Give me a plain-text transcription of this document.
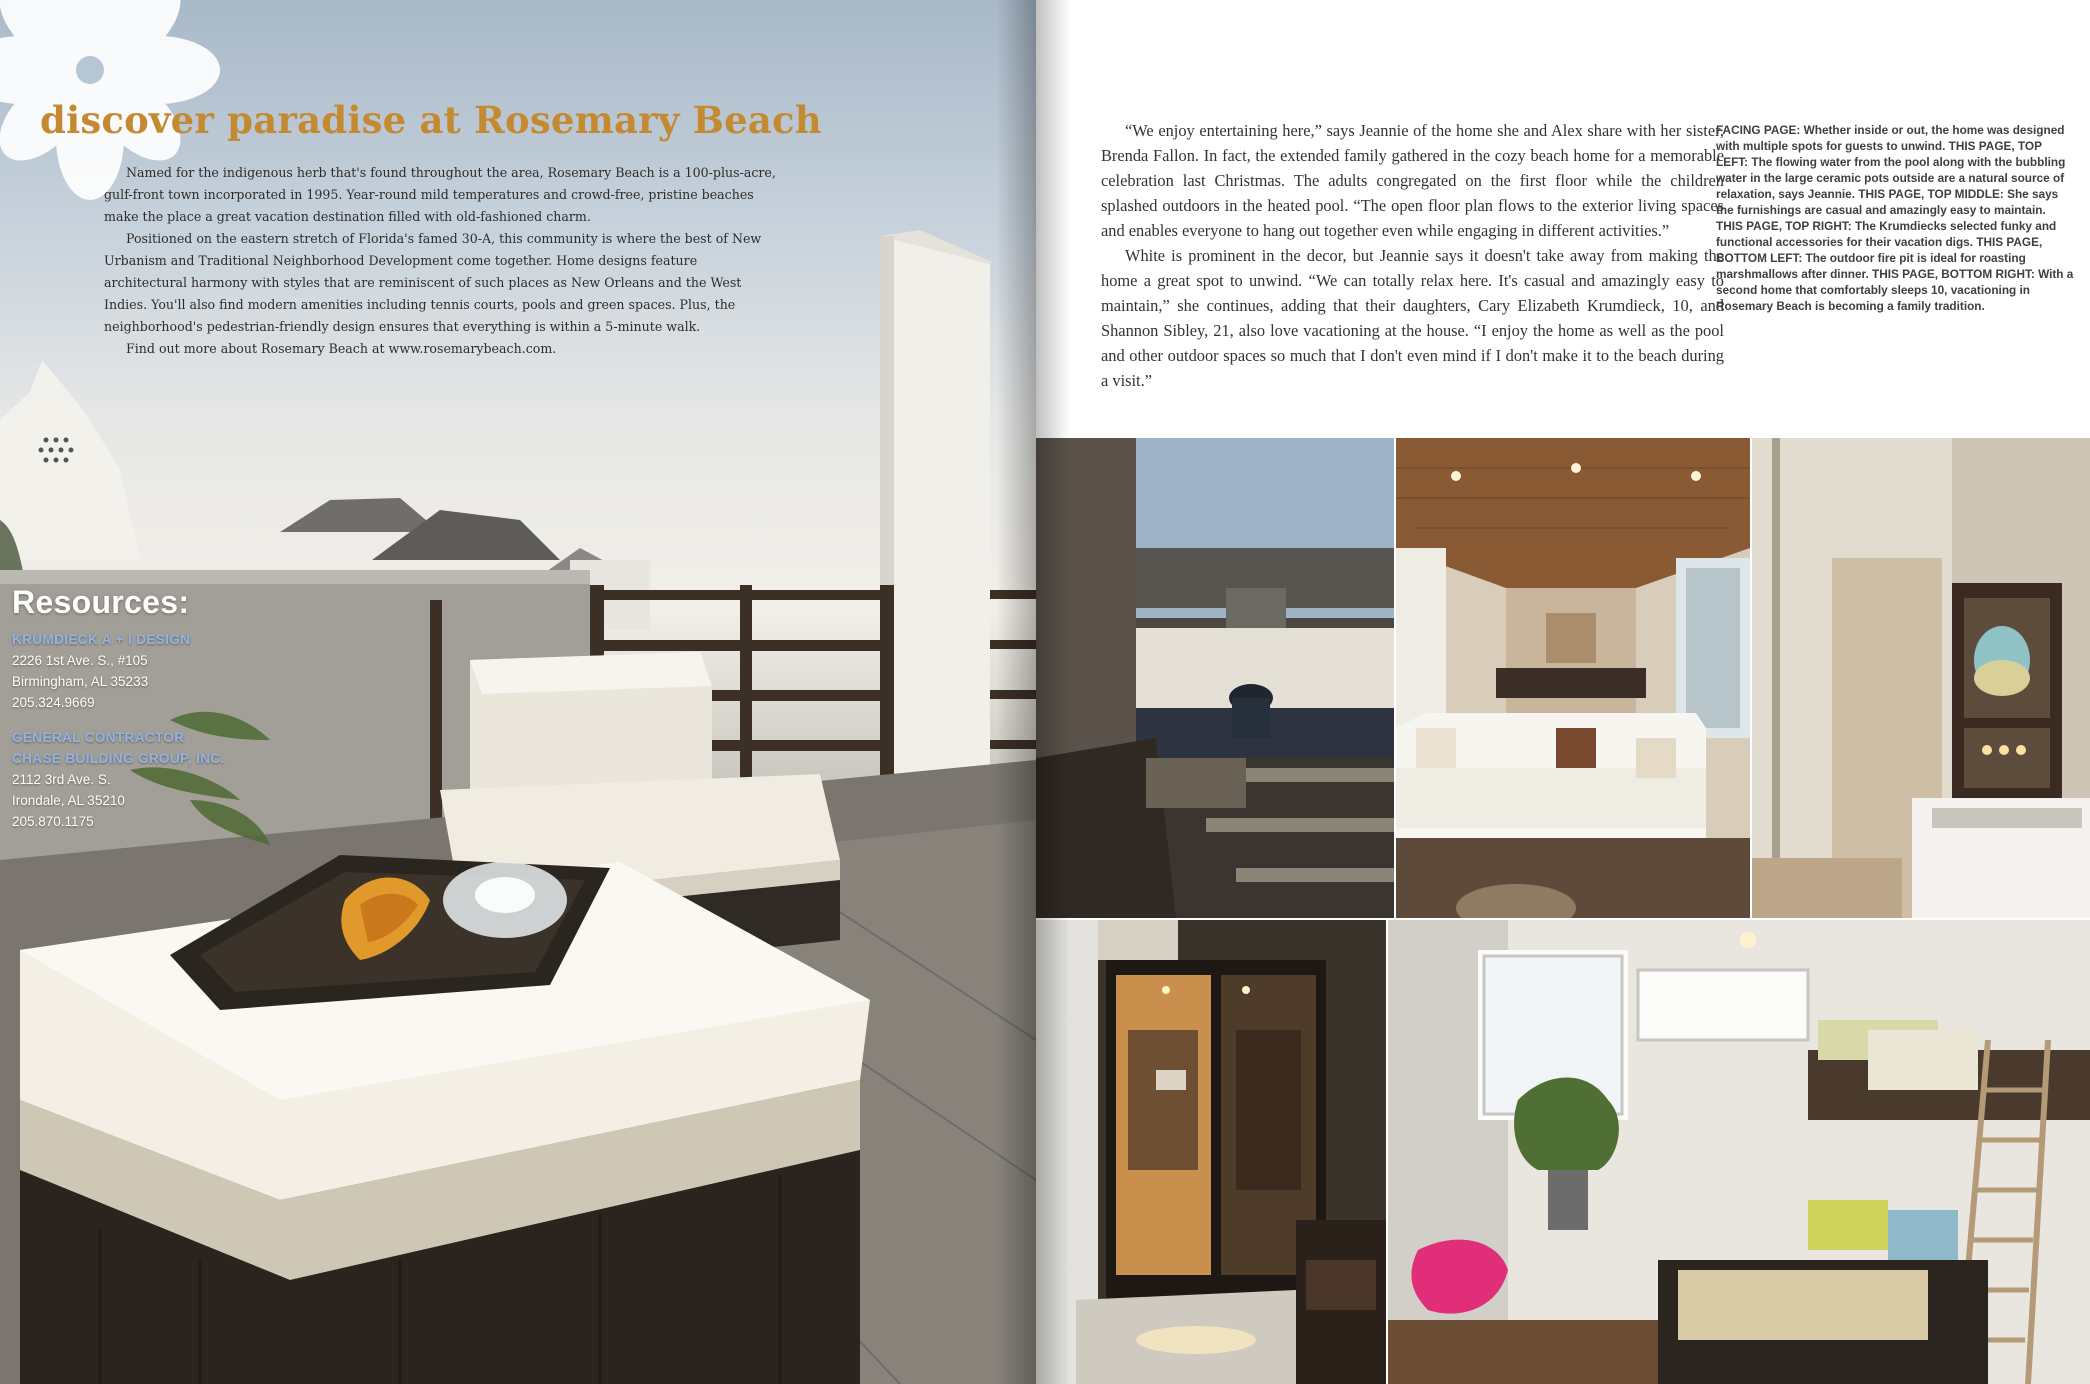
discover paradise at Rosemary Beach

Named for the indigenous herb that's found throughout the area, Rosemary Beach is a 100-plus-acre, gulf-front town incorporated in 1995. Year-round mild temperatures and crowd-free, pristine beaches make the place a great vacation destination filled with old-fashioned charm.

Positioned on the eastern stretch of Florida's famed 30-A, this community is where the best of New Urbanism and Traditional Neighborhood Development come together. Home designs feature architectural harmony with styles that are reminiscent of such places as New Orleans and the West Indies. You'll also find modern amenities including tennis courts, pools and green spaces. Plus, the neighborhood's pedestrian-friendly design ensures that everything is within a 5-minute walk.

Find out more about Rosemary Beach at www.rosemarybeach.com.

Resources:
KRUMDIECK A + I DESIGN
2226 1st Ave. S., #105
Birmingham, AL 35233
205.324.9669
GENERAL CONTRACTOR
CHASE BUILDING GROUP, INC.
2112 3rd Ave. S.
Irondale, AL 35210
205.870.1175

“We enjoy entertaining here,” says Jeannie of the home she and Alex share with her sister, Brenda Fallon. In fact, the extended family gathered in the cozy beach home for a memorable celebration last Christmas. The adults congregated on the first floor while the children splashed outdoors in the heated pool. “The open floor plan flows to the exterior living spaces and enables everyone to hang out together even while engaging in different activities.”

White is prominent in the decor, but Jeannie says it doesn't take away from making the home a great spot to unwind. “We can totally relax here. It's casual and amazingly easy to maintain,” she continues, adding that their daughters, Cary Elizabeth Krumdieck, 10, and Shannon Sibley, 21, also love vacationing at the house. “I enjoy the home as well as the pool and other outdoor spaces so much that I don't even mind if I don't make it to the beach during a visit.”

FACING PAGE: Whether inside or out, the home was designed with multiple spots for guests to unwind. THIS PAGE, TOP LEFT: The flowing water from the pool along with the bubbling water in the large ceramic pots outside are a natural source of relaxation, says Jeannie. THIS PAGE, TOP MIDDLE: She says the furnishings are casual and amazingly easy to maintain. THIS PAGE, TOP RIGHT: The Krumdiecks selected funky and functional accessories for their vacation digs. THIS PAGE, BOTTOM LEFT: The outdoor fire pit is ideal for roasting marshmallows after dinner. THIS PAGE, BOTTOM RIGHT: With a second home that comfortably sleeps 10, vacationing in Rosemary Beach is becoming a family tradition.
